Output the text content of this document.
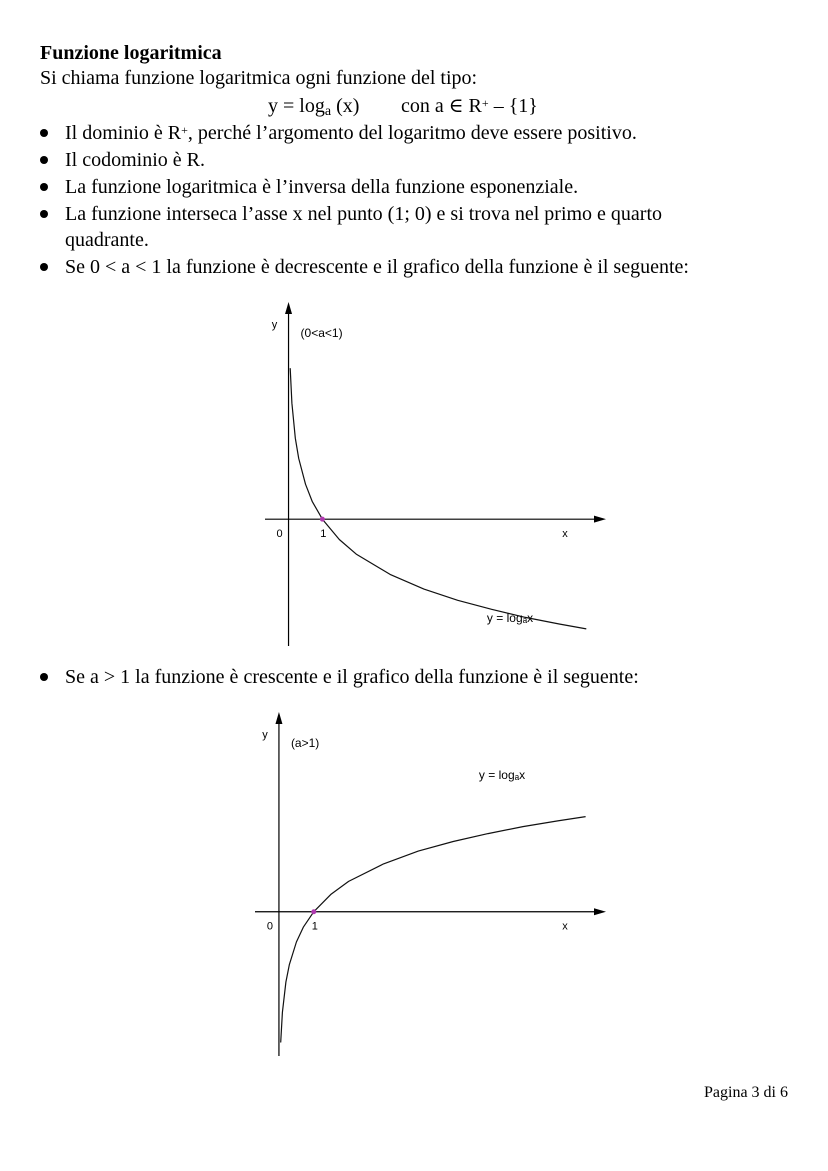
Funzione logaritmica
Si chiama funzione logaritmica ogni funzione del tipo:
$y = \log_a (x)$ con a ∈ R+ – {1}
Il dominio è R+, perché l’argomento del logaritmo deve essere positivo.
Il codominio è R.
La funzione logaritmica è l’inversa della funzione esponenziale.
La funzione interseca l’asse x nel punto (1; 0) e si trova nel primo e quarto
quadrante.
Se 0 < a < 1 la funzione è decrescente e il grafico della funzione è il seguente:
y
(0<a<1)
x
0	1
y = logₐx
Se a > 1 la funzione è crescente e il grafico della funzione è il seguente:
y
(a>1)
x
0	1
y = logₐx
Pagina 3 di 6
